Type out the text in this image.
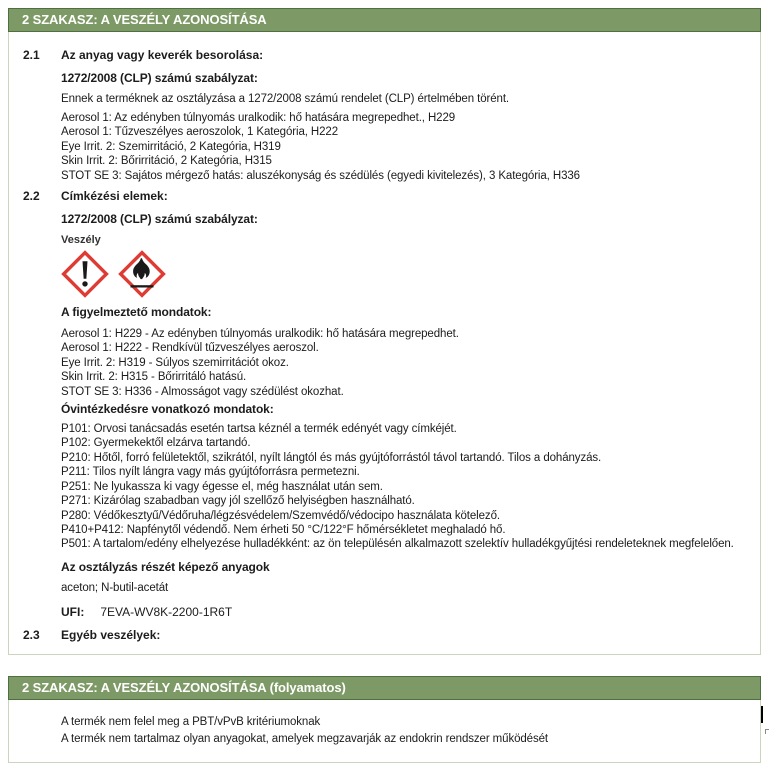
2 SZAKASZ: A VESZÉLY AZONOSÍTÁSA
2.1	Az anyag vagy keverék besorolása:
1272/2008 (CLP) számú szabályzat:
Ennek a terméknek az osztályzása a 1272/2008 számú rendelet (CLP) értelmében törént.
Aerosol 1: Az edényben túlnyomás uralkodik: hő hatására megrepedhet., H229
Aerosol 1: Tűzveszélyes aeroszolok, 1 Kategória, H222
Eye Irrit. 2: Szemirritáció, 2 Kategória, H319
Skin Irrit. 2: Bőrirritáció, 2 Kategória, H315
STOT SE 3: Sajátos mérgező hatás: aluszékonyság és szédülés (egyedi kivitelezés), 3 Kategória, H336
2.2	Címkézési elemek:
1272/2008 (CLP) számú szabályzat:
Veszély
A figyelmeztető mondatok:
Aerosol 1: H229 - Az edényben túlnyomás uralkodik: hő hatására megrepedhet.
Aerosol 1: H222 - Rendkívül tűzveszélyes aeroszol.
Eye Irrit. 2: H319 - Súlyos szemirritációt okoz.
Skin Irrit. 2: H315 - Bőrirritáló hatású.
STOT SE 3: H336 - Almosságot vagy szédülést okozhat.
Óvintézkedésre vonatkozó mondatok:
P101: Orvosi tanácsadás esetén tartsa kéznél a termék edényét vagy címkéjét.
P102: Gyermekektől elzárva tartandó.
P210: Hőtől, forró felületektől, szikrától, nyílt lángtól és más gyújtóforrástól távol tartandó. Tilos a dohányzás.
P211: Tilos nyílt lángra vagy más gyújtóforrásra permetezni.
P251: Ne lyukassza ki vagy égesse el, még használat után sem.
P271: Kizárólag szabadban vagy jól szellőző helyiségben használható.
P280: Védőkesztyű/Védőruha/légzésvédelem/Szemvédő/védocipo használata kötelező.
P410+P412: Napfénytől védendő. Nem érheti 50 °C/122°F hőmérsékletet meghaladó hő.
P501: A tartalom/edény elhelyezése hulladékként: az ön településén alkalmazott szelektív hulladékgyűjtési rendeleteknek megfelelően.
Az osztályzás részét képező anyagok
aceton; N-butil-acetát
UFI: 7EVA-WV8K-2200-1R6T
2.3	Egyéb veszélyek:
2 SZAKASZ: A VESZÉLY AZONOSÍTÁSA (folyamatos)
A termék nem felel meg a PBT/vPvB kritériumoknak
A termék nem tartalmaz olyan anyagokat, amelyek megzavarják az endokrin rendszer működését
